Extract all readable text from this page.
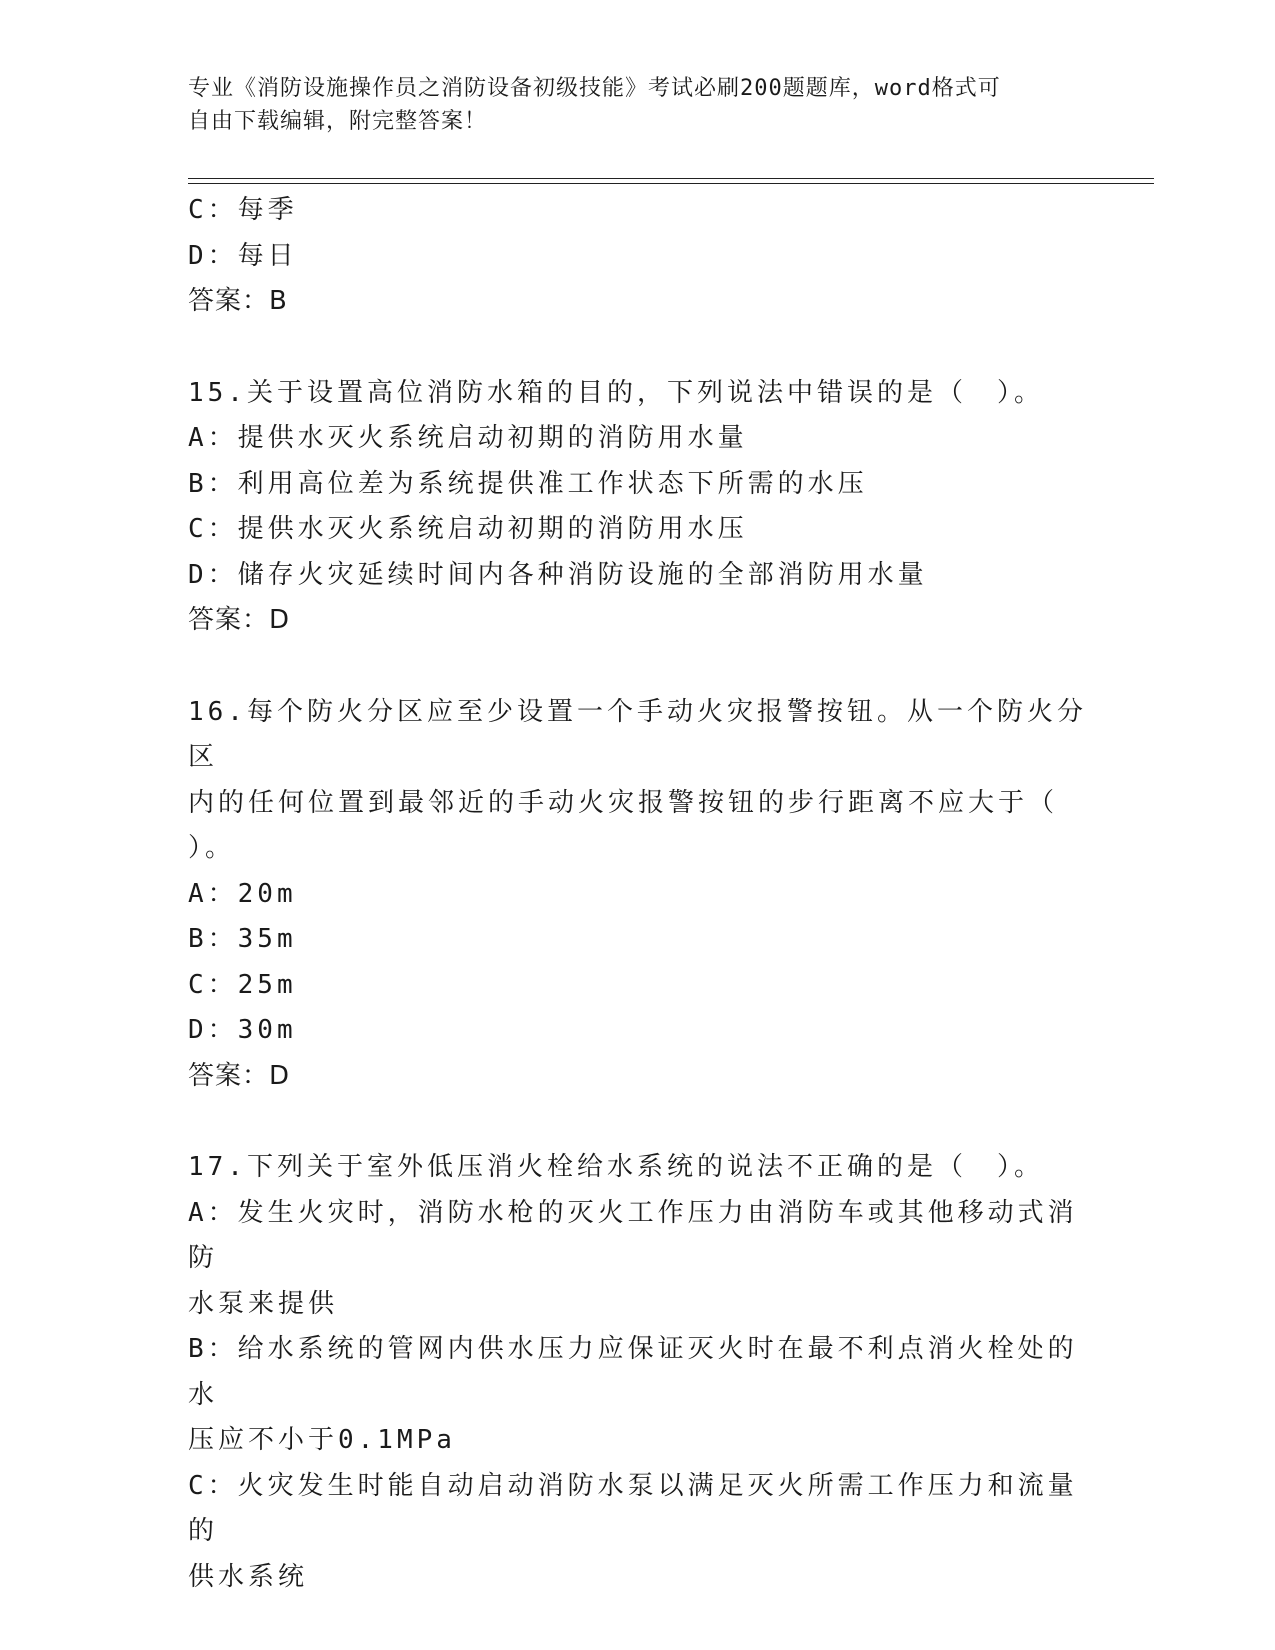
专业《消防设施操作员之消防设备初级技能》考试必刷200题题库，word格式可
自由下载编辑，附完整答案！
C：每季
D：每日
答案：B
15.关于设置高位消防水箱的目的，下列说法中错误的是（　）。
A：提供水灭火系统启动初期的消防用水量
B：利用高位差为系统提供准工作状态下所需的水压
C：提供水灭火系统启动初期的消防用水压
D：储存火灾延续时间内各种消防设施的全部消防用水量
答案：D
16.每个防火分区应至少设置一个手动火灾报警按钮。从一个防火分区
内的任何位置到最邻近的手动火灾报警按钮的步行距离不应大于（
）。
A：20m
B：35m
C：25m
D：30m
答案：D
17.下列关于室外低压消火栓给水系统的说法不正确的是（　）。
A：发生火灾时，消防水枪的灭火工作压力由消防车或其他移动式消防
水泵来提供
B：给水系统的管网内供水压力应保证灭火时在最不利点消火栓处的水
压应不小于0.1MPa
C：火灾发生时能自动启动消防水泵以满足灭火所需工作压力和流量的
供水系统
